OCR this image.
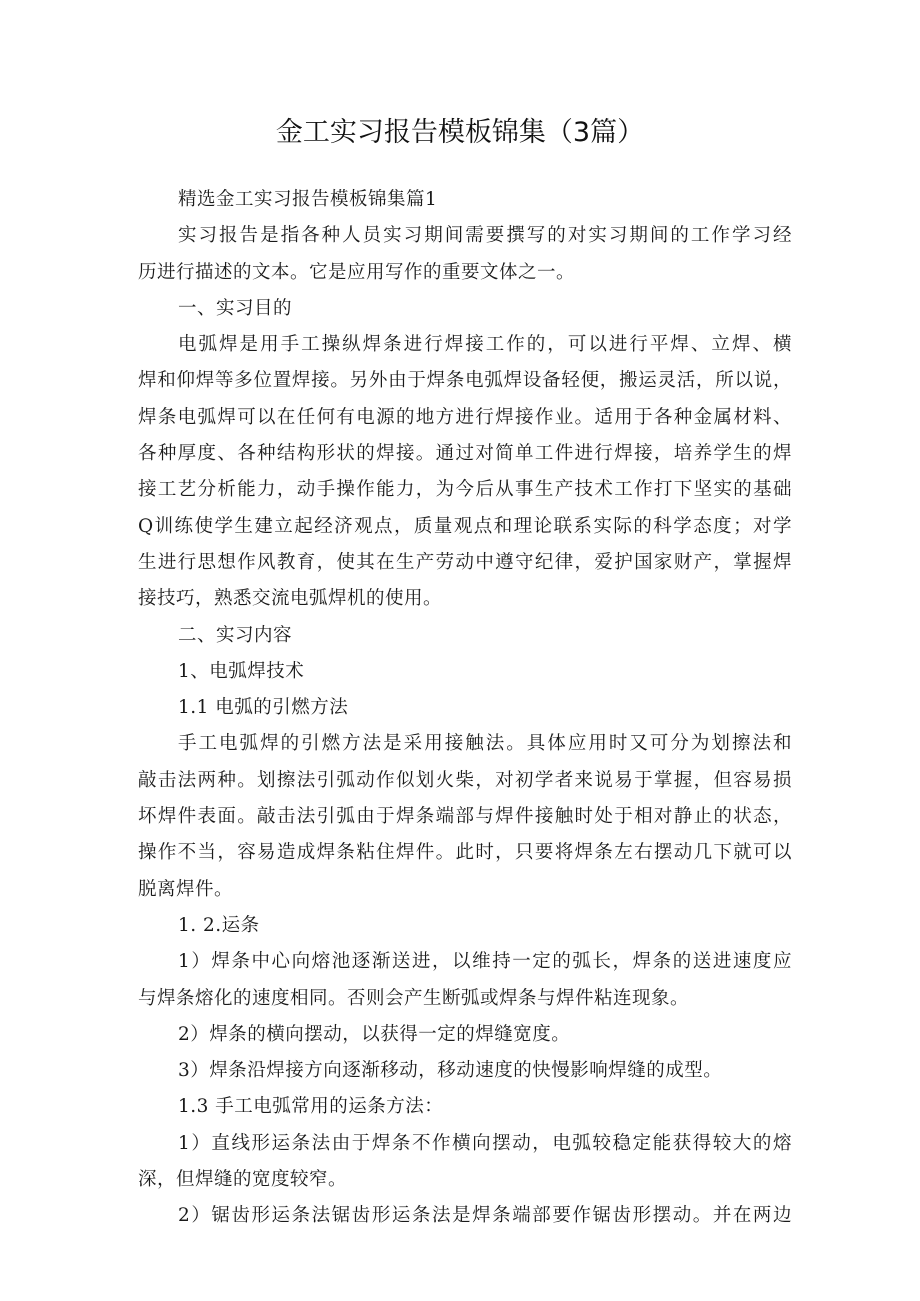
金工实习报告模板锦集（3篇）
精选金工实习报告模板锦集篇1
实习报告是指各种人员实习期间需要撰写的对实习期间的工作学习经
历进行描述的文本。它是应用写作的重要文体之一。
一、实习目的
电弧焊是用手工操纵焊条进行焊接工作的，可以进行平焊、立焊、横
焊和仰焊等多位置焊接。另外由于焊条电弧焊设备轻便，搬运灵活，所以说，
焊条电弧焊可以在任何有电源的地方进行焊接作业。适用于各种金属材料、
各种厚度、各种结构形状的焊接。通过对简单工件进行焊接，培养学生的焊
接工艺分析能力，动手操作能力，为今后从事生产技术工作打下坚实的基础
Q训练使学生建立起经济观点，质量观点和理论联系实际的科学态度；对学
生进行思想作风教育，使其在生产劳动中遵守纪律，爱护国家财产，掌握焊
接技巧，熟悉交流电弧焊机的使用。
二、实习内容
1、电弧焊技术
1.1 电弧的引燃方法
手工电弧焊的引燃方法是采用接触法。具体应用时又可分为划擦法和
敲击法两种。划擦法引弧动作似划火柴，对初学者来说易于掌握，但容易损
坏焊件表面。敲击法引弧由于焊条端部与焊件接触时处于相对静止的状态，
操作不当，容易造成焊条粘住焊件。此时，只要将焊条左右摆动几下就可以
脱离焊件。
1. 2.运条
1）焊条中心向熔池逐渐送进，以维持一定的弧长，焊条的送进速度应
与焊条熔化的速度相同。否则会产生断弧或焊条与焊件粘连现象。
2）焊条的横向摆动，以获得一定的焊缝宽度。
3）焊条沿焊接方向逐渐移动，移动速度的快慢影响焊缝的成型。
1.3 手工电弧常用的运条方法：
1）直线形运条法由于焊条不作横向摆动，电弧较稳定能获得较大的熔
深，但焊缝的宽度较窄。
2）锯齿形运条法锯齿形运条法是焊条端部要作锯齿形摆动。并在两边
